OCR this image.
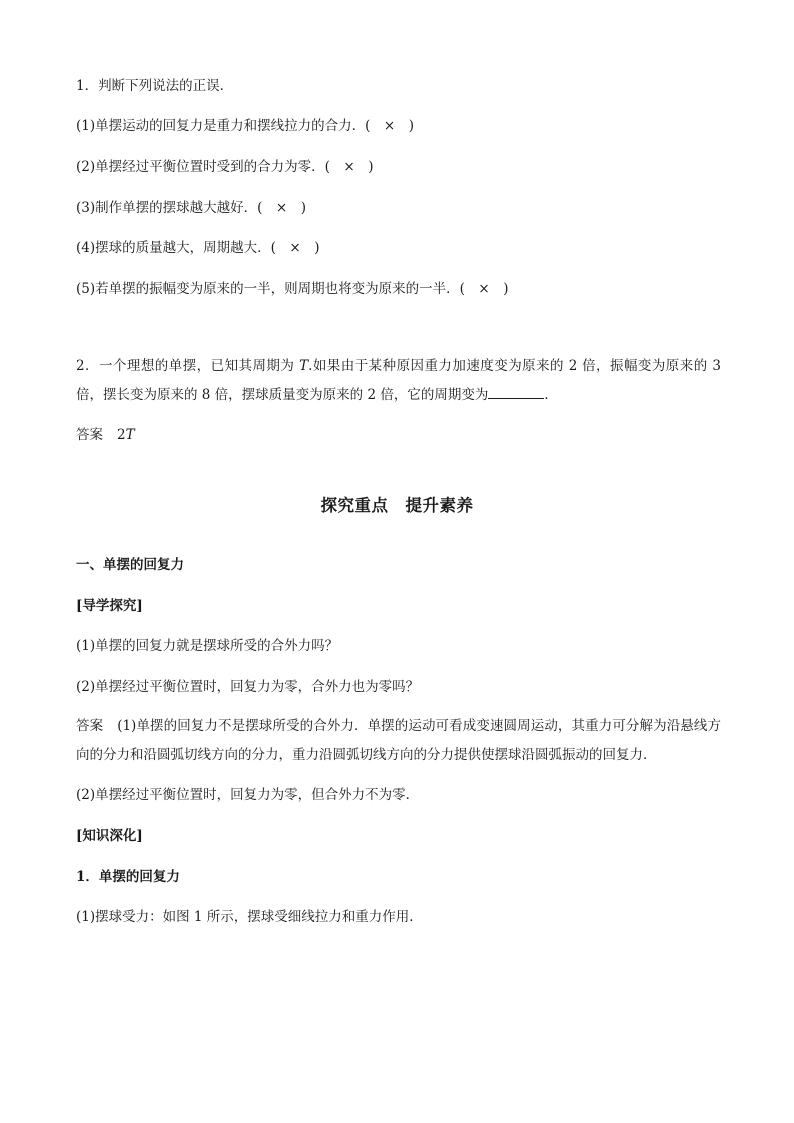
1．判断下列说法的正误．
(1)单摆运动的回复力是重力和摆线拉力的合力．(　×　)
(2)单摆经过平衡位置时受到的合力为零．(　×　)
(3)制作单摆的摆球越大越好．(　×　)
(4)摆球的质量越大，周期越大．(　×　)
(5)若单摆的振幅变为原来的一半，则周期也将变为原来的一半．(　×　)
2．一个理想的单摆，已知其周期为 T.如果由于某种原因重力加速度变为原来的 2 倍，振幅变为原来的 3 倍，摆长变为原来的 8 倍，摆球质量变为原来的 2 倍，它的周期变为	．
答案 2T
探究重点　提升素养
一、单摆的回复力
[导学探究]
(1)单摆的回复力就是摆球所受的合外力吗？
(2)单摆经过平衡位置时，回复力为零，合外力也为零吗？
答案 (1)单摆的回复力不是摆球所受的合外力．单摆的运动可看成变速圆周运动，其重力可分解为沿悬线方向的分力和沿圆弧切线方向的分力，重力沿圆弧切线方向的分力提供使摆球沿圆弧振动的回复力．
(2)单摆经过平衡位置时，回复力为零，但合外力不为零．
[知识深化]
1．单摆的回复力
(1)摆球受力：如图 1 所示，摆球受细线拉力和重力作用．
